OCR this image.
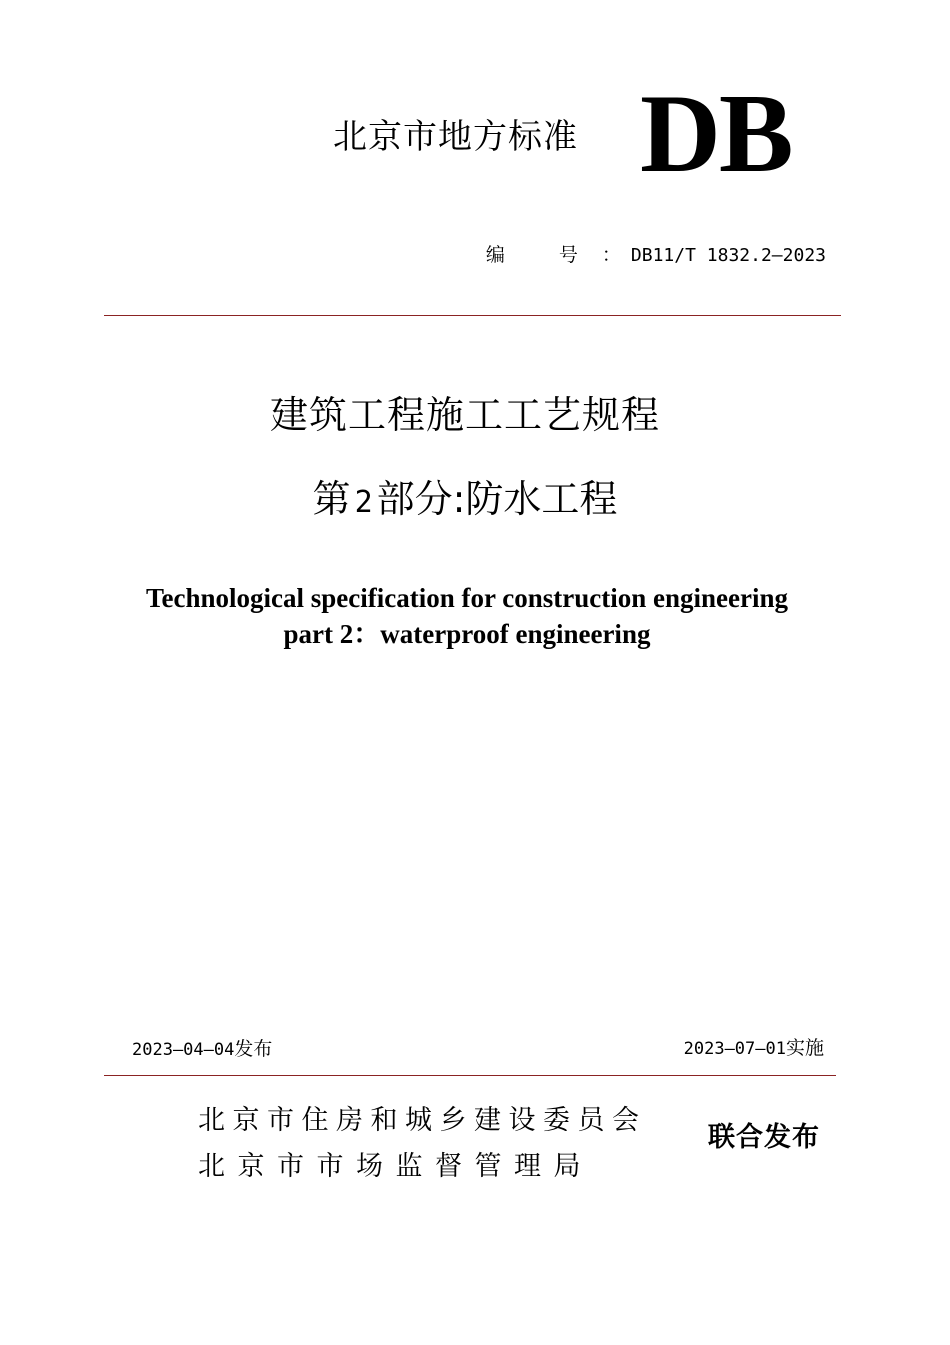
北京市地方标准 DB
编 号：DB11/T 1832.2—2023
建筑工程施工工艺规程
第 2 部分:防水工程
Technological specification for construction engineering
part 2：waterproof engineering
2023—04—04发布	2023—07—01实施
北京市住房和城乡建设委员会
北京市市场监督管理局
联合发布
